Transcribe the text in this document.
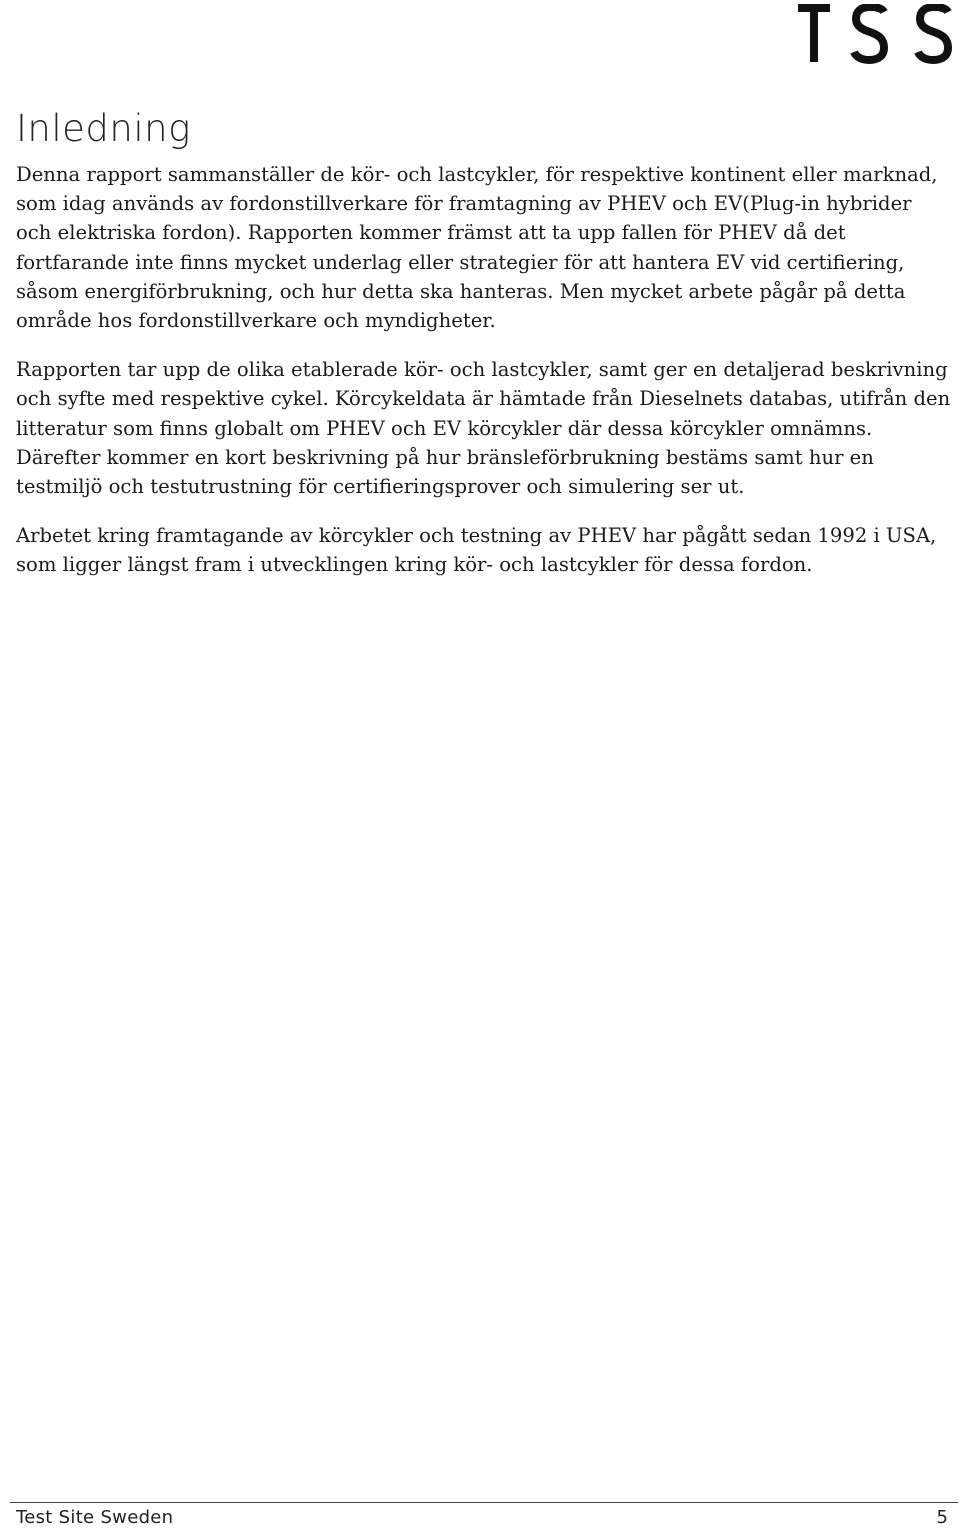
Inledning

Denna rapport sammanställer de kör- och lastcykler, för respektive kontinent eller marknad, som idag används av fordonstillverkare för framtagning av PHEV och EV(Plug-in hybrider och elektriska fordon). Rapporten kommer främst att ta upp fallen för PHEV då det fortfarande inte finns mycket underlag eller strategier för att hantera EV vid certifiering, såsom energiförbrukning, och hur detta ska hanteras. Men mycket arbete pågår på detta område hos fordonstillverkare och myndigheter.

Rapporten tar upp de olika etablerade kör- och lastcykler, samt ger en detaljerad beskrivning och syfte med respektive cykel. Körcykeldata är hämtade från Dieselnets databas, utifrån den litteratur som finns globalt om PHEV och EV körcykler där dessa körcykler omnämns.

Därefter kommer en kort beskrivning på hur bränsleförbrukning bestäms samt hur en testmiljö och testutrustning för certifieringsprover och simulering ser ut.

Arbetet kring framtagande av körcykler och testning av PHEV har pågått sedan 1992 i USA, som ligger längst fram i utvecklingen kring kör- och lastcykler för dessa fordon.

Test Site Sweden	5
